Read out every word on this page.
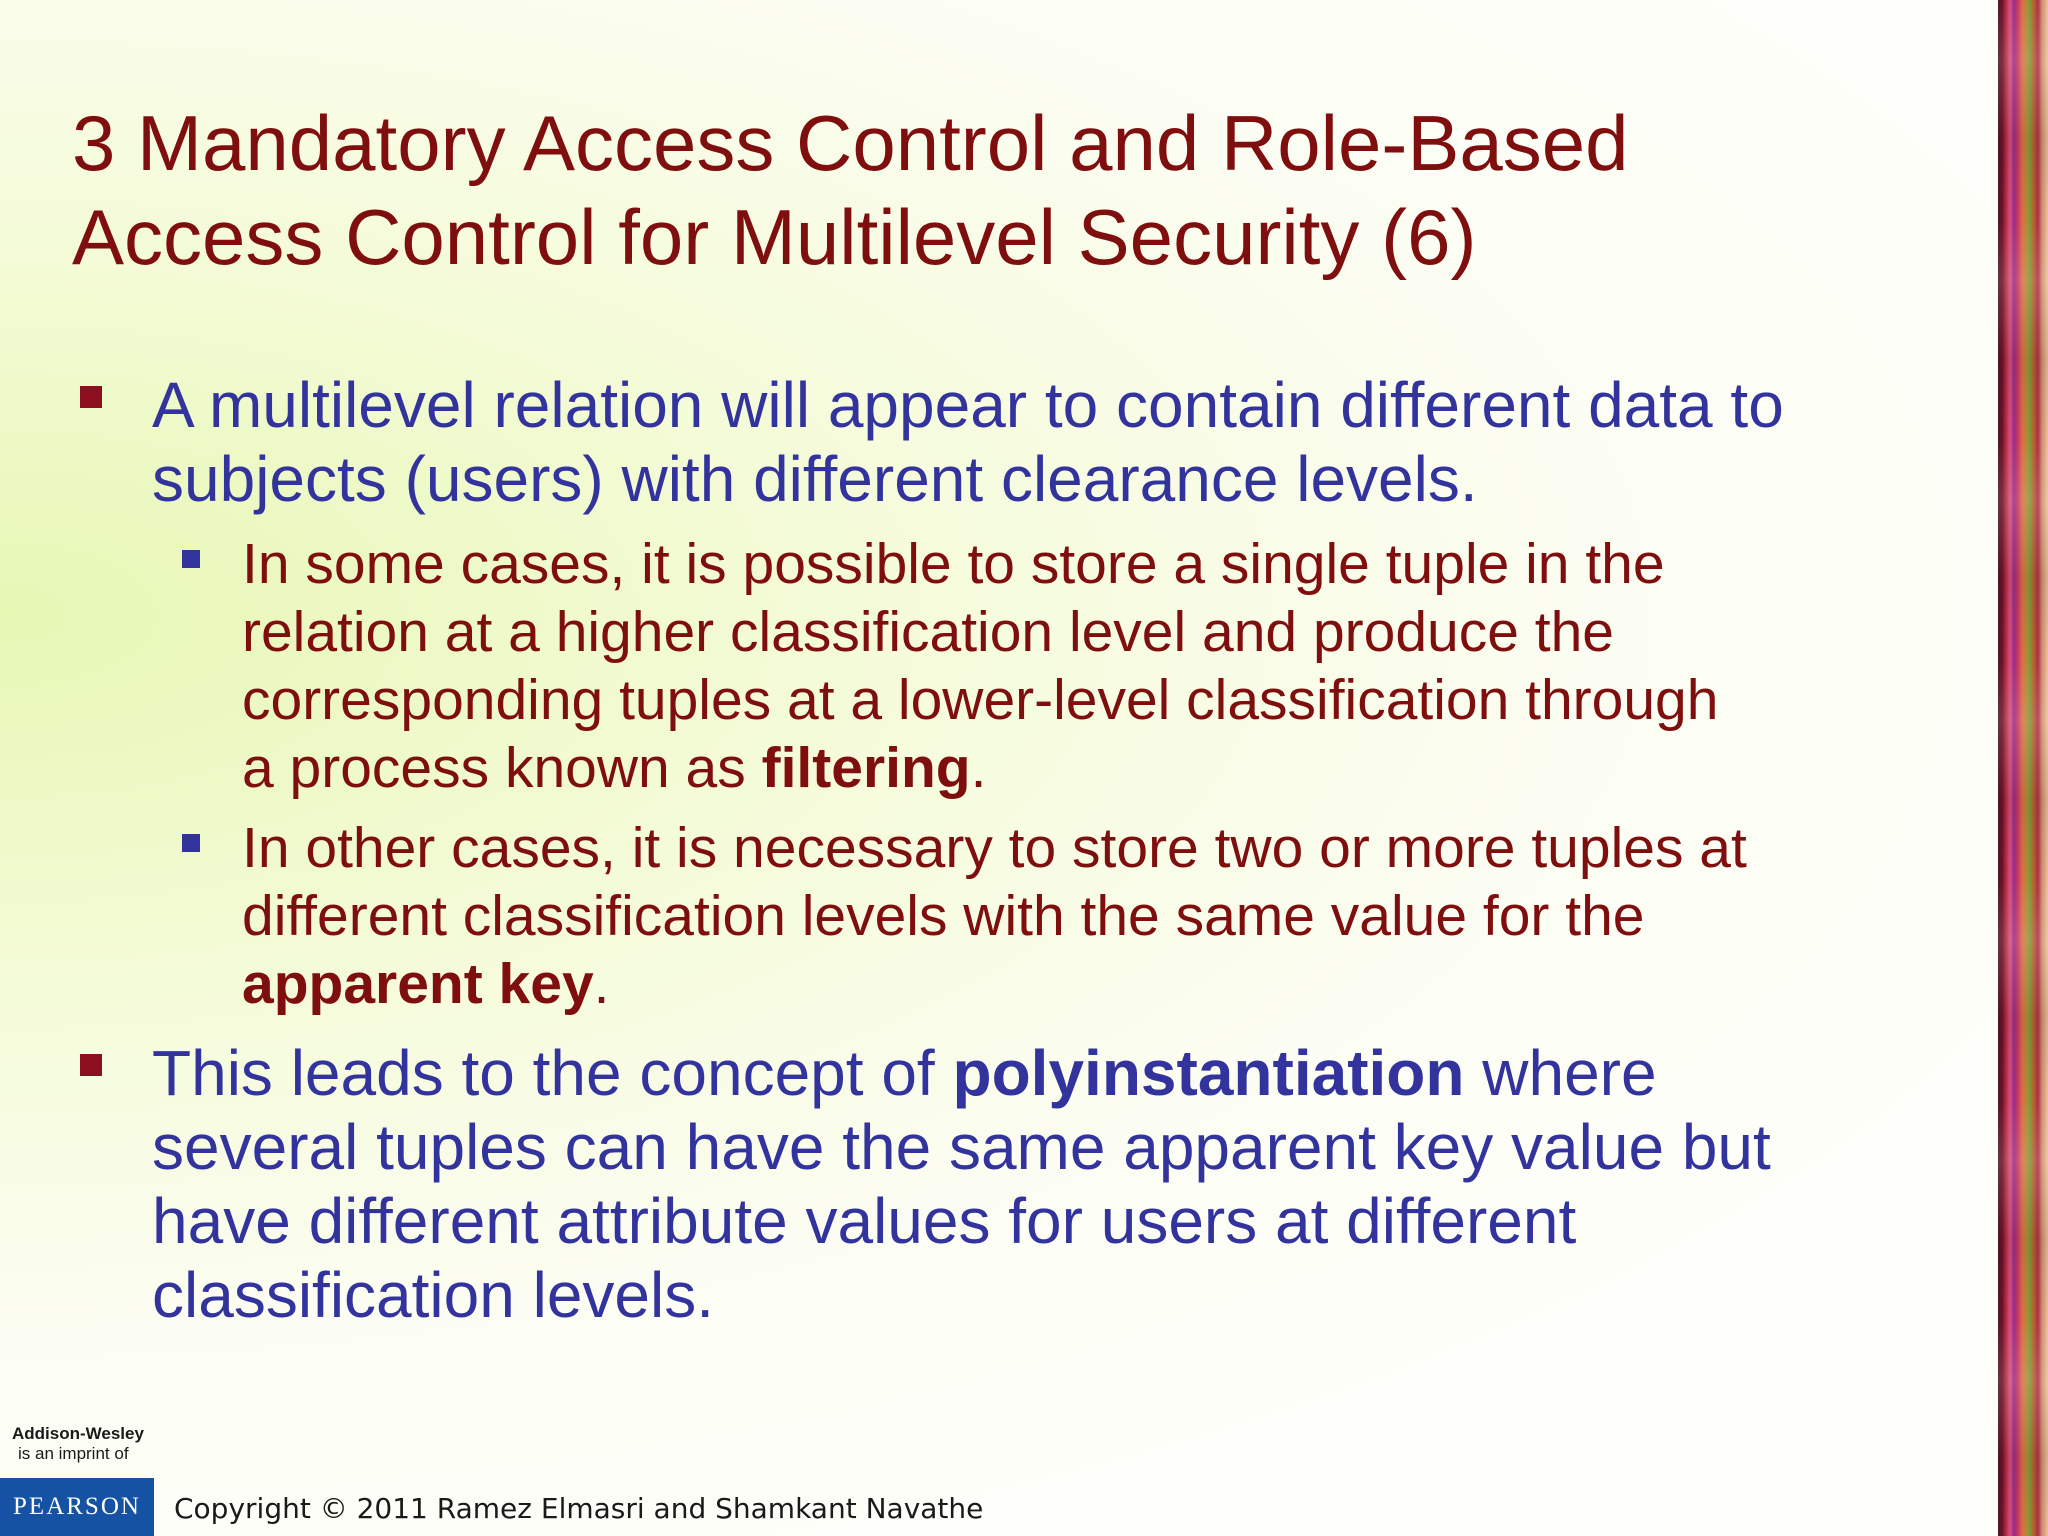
3 Mandatory Access Control and Role-Based
Access Control for Multilevel Security (6)
A multilevel relation will appear to contain different data to
subjects (users) with different clearance levels.
In some cases, it is possible to store a single tuple in the
relation at a higher classification level and produce the
corresponding tuples at a lower-level classification through
a process known as filtering.
In other cases, it is necessary to store two or more tuples at
different classification levels with the same value for the
apparent key.
This leads to the concept of polyinstantiation where
several tuples can have the same apparent key value but
have different attribute values for users at different
classification levels.
Addison-Wesley
is an imprint of
PEARSON	Copyright © 2011 Ramez Elmasri and Shamkant Navathe
